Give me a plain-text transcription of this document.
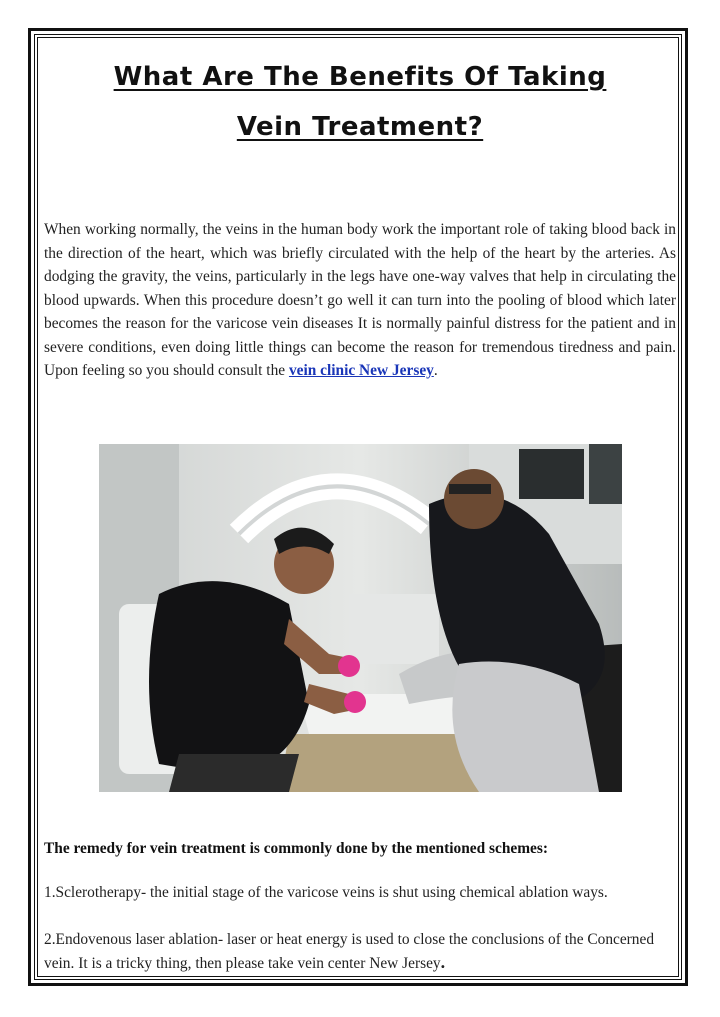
What Are The Benefits Of Taking
Vein Treatment?

When working normally, the veins in the human body work the important role of taking blood back in the direction of the heart, which was briefly circulated with the help of the heart by the arteries. As dodging the gravity, the veins, particularly in the legs have one-way valves that help in circulating the blood upwards. When this procedure doesn’t go well it can turn into the pooling of blood which later becomes the reason for the varicose vein diseases It is normally painful distress for the patient and in severe conditions, even doing little things can become the reason for tremendous tiredness and pain. Upon feeling so you should consult the vein clinic New Jersey.

The remedy for vein treatment is commonly done by the mentioned schemes:

1.Sclerotherapy- the initial stage of the varicose veins is shut using chemical ablation ways.

2.Endovenous laser ablation- laser or heat energy is used to close the conclusions of the Concerned vein. It is a tricky thing, then please take vein center New Jersey.
